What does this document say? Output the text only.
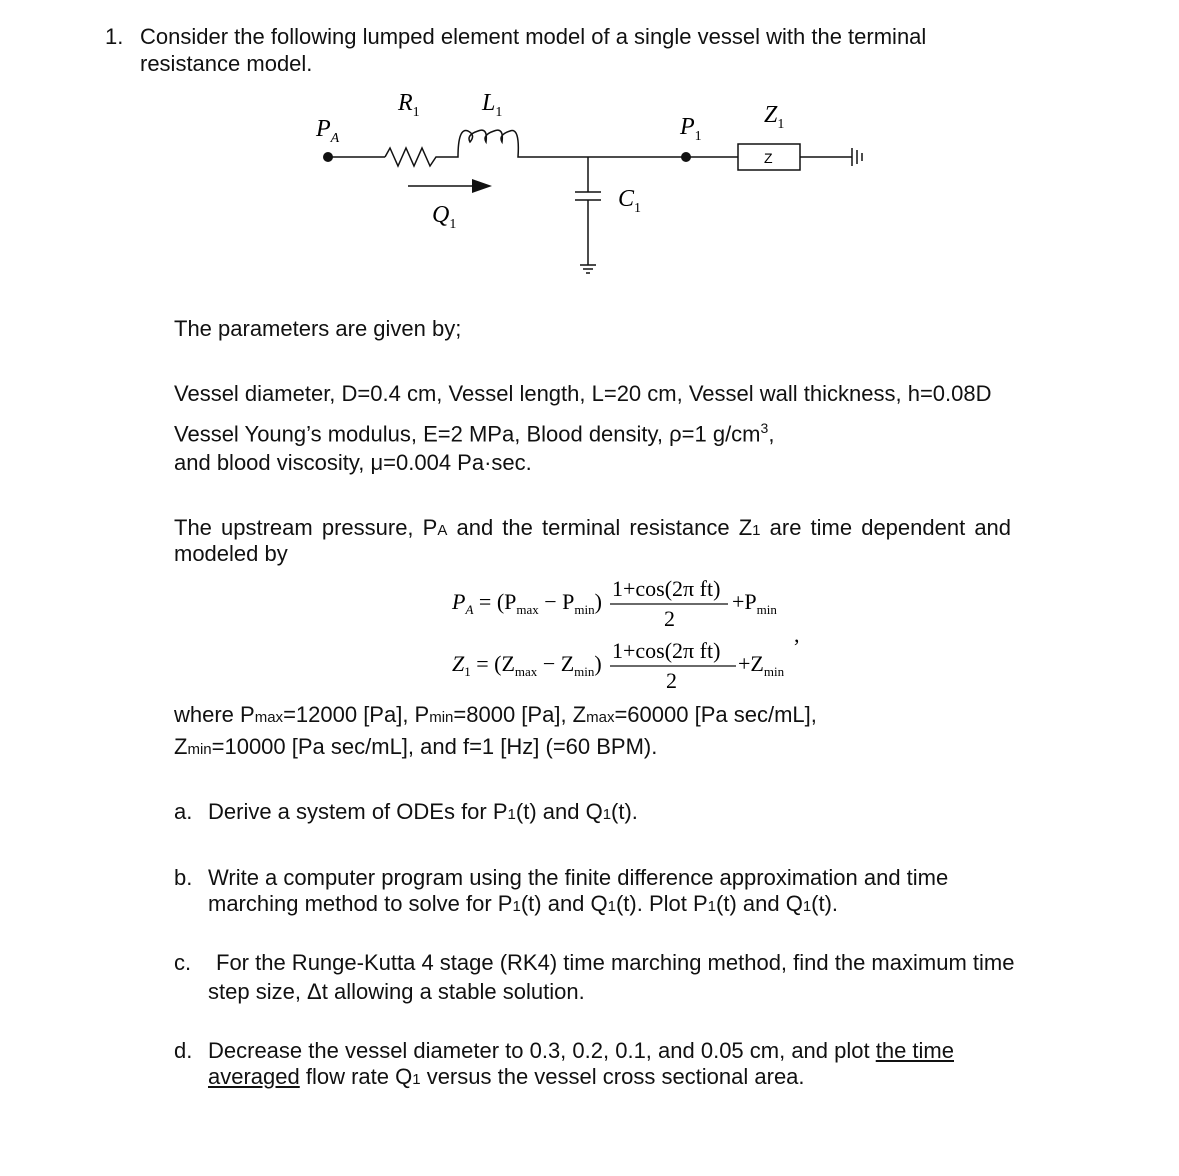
1. Consider the following lumped element model of a single vessel with the terminal
resistance model.
$P_A$
$R_1$	$L_1$
$Q_1$
$C_1$
$P_1$
$Z_1$
Z
The parameters are given by;
Vessel diameter, D=0.4 cm, Vessel length, L=20 cm, Vessel wall thickness, h=0.08D
Vessel Young’s modulus, E=2 MPa, Blood density, ρ=1 $g/cm^3$,
and blood viscosity, μ=0.004 Pa·sec.
The upstream pressure, PA and the terminal resistance Z1 are time dependent and
modeled by
$P_A = (P_{max} - P_{min})$
1+cos(2π ft)
2
$+P_{min}$
,
$Z_1 = (Z_{max} - Z_{min})$
1+cos(2π ft)
2
$+Z_{min}$
where Pmax=12000 [Pa], Pmin=8000 [Pa], Zmax=60000 [Pa sec/mL],
Zmin=10000 [Pa sec/mL], and f=1 [Hz] (=60 BPM).
a. Derive a system of ODEs for P1(t) and Q1(t).
b. Write a computer program using the finite difference approximation and time
marching method to solve for P1(t) and Q1(t). Plot P1(t) and Q1(t).
c. For the Runge-Kutta 4 stage (RK4) time marching method, find the maximum time
step size, Δt allowing a stable solution.
d. Decrease the vessel diameter to 0.3, 0.2, 0.1, and 0.05 cm, and plot the time
averaged flow rate Q1 versus the vessel cross sectional area.
